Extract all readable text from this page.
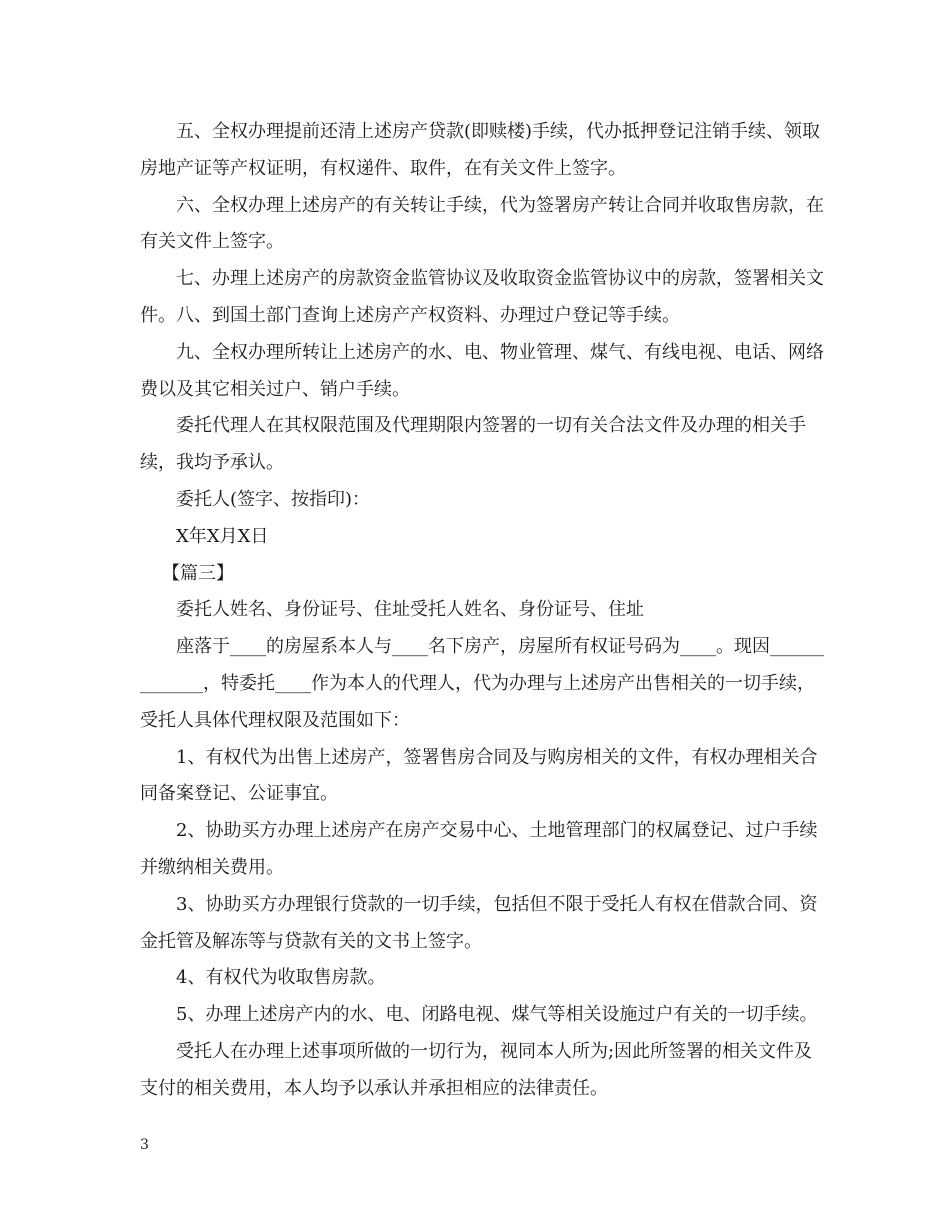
五、全权办理提前还清上述房产贷款(即赎楼)手续，代办抵押登记注销手续、领取房地产证等产权证明，有权递件、取件，在有关文件上签字。

六、全权办理上述房产的有关转让手续，代为签署房产转让合同并收取售房款，在有关文件上签字。

七、办理上述房产的房款资金监管协议及收取资金监管协议中的房款，签署相关文件。八、到国土部门查询上述房产产权资料、办理过户登记等手续。

九、全权办理所转让上述房产的水、电、物业管理、煤气、有线电视、电话、网络费以及其它相关过户、销户手续。

委托代理人在其权限范围及代理期限内签署的一切有关合法文件及办理的相关手续，我均予承认。

委托人(签字、按指印)：

X年X月X日

【篇三】

委托人姓名、身份证号、住址受托人姓名、身份证号、住址

座落于____的房屋系本人与____名下房产，房屋所有权证号码为____。现因_____________，特委托____作为本人的代理人，代为办理与上述房产出售相关的一切手续，受托人具体代理权限及范围如下：

1、有权代为出售上述房产，签署售房合同及与购房相关的文件，有权办理相关合同备案登记、公证事宜。

2、协助买方办理上述房产在房产交易中心、土地管理部门的权属登记、过户手续并缴纳相关费用。

3、协助买方办理银行贷款的一切手续，包括但不限于受托人有权在借款合同、资金托管及解冻等与贷款有关的文书上签字。

4、有权代为收取售房款。

5、办理上述房产内的水、电、闭路电视、煤气等相关设施过户有关的一切手续。

受托人在办理上述事项所做的一切行为，视同本人所为;因此所签署的相关文件及支付的相关费用，本人均予以承认并承担相应的法律责任。

3
